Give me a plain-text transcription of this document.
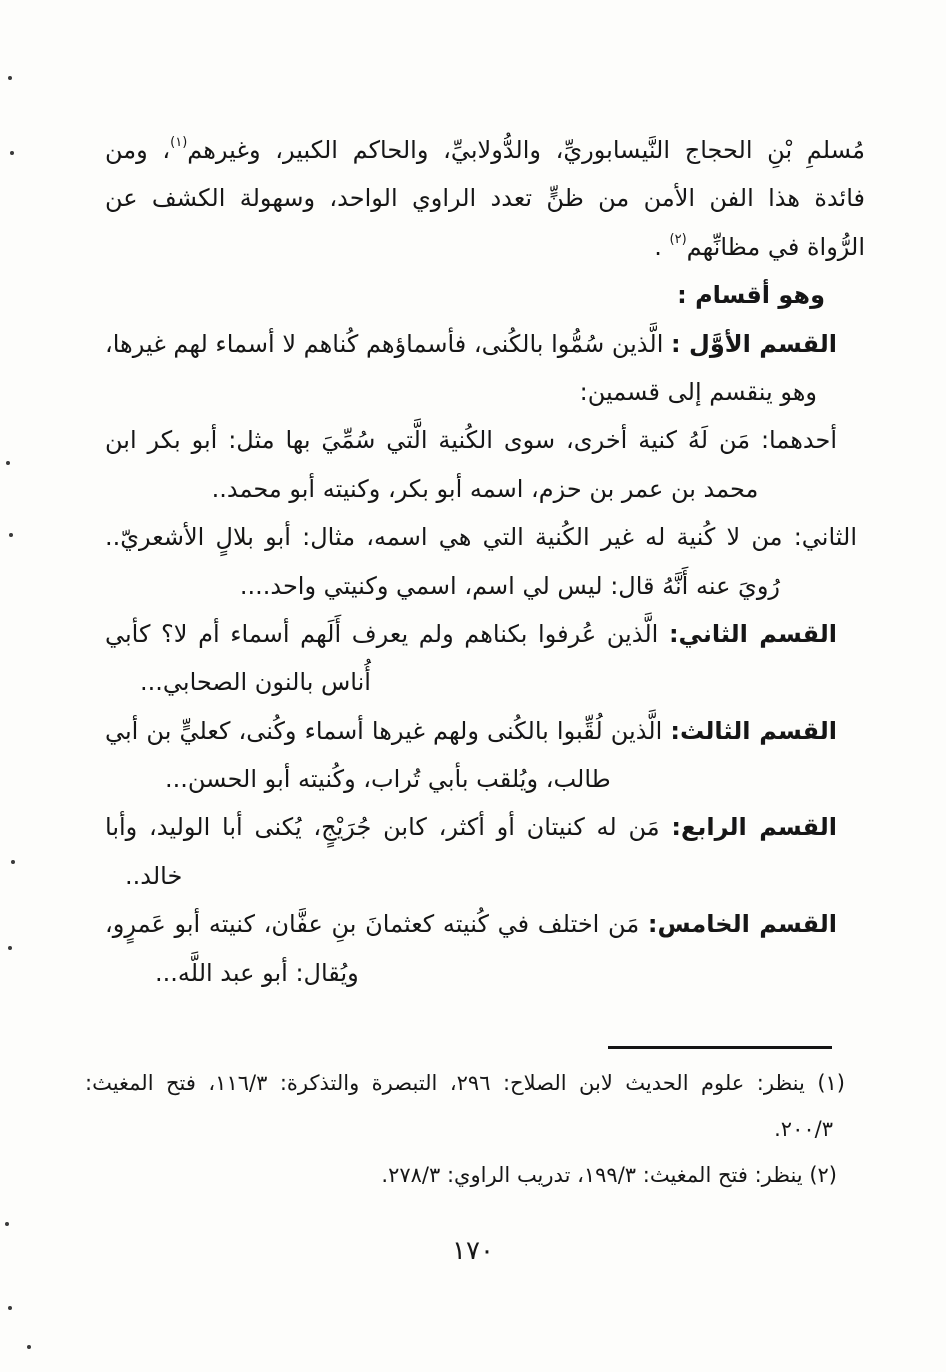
مُسلمِ بْنِ الحجاج النَّيسابوريِّ، والدُّولابيِّ، والحاكم الكبير، وغيرهم$^{(١)}$، ومن
فائدة هذا الفن الأمن من ظنٍّ تعدد الراوي الواحد، وسهولة الكشف عن
الرُّواة في مظانِّهم$^{(٢)}$ .
وهو أقسام :
القسم الأوَّل : الَّذين سُمُّوا بالكُنى، فأسماؤهم كُناهم لا أسماء لهم غيرها،
وهو ينقسم إلى قسمين:
أحدهما: مَن لَهُ كنية أخرى، سوى الكُنية الَّتي سُمِّيَ بها مثل: أبو بكر ابن
محمد بن عمر بن حزم، اسمه أبو بكر، وكنيته أبو محمد..
الثاني: من لا كُنية له غير الكُنية التي هي اسمه، مثال: أبو بلالٍ الأشعريّ..
رُويَ عنه أَنَّهُ قال: ليس لي اسم، اسمي وكنيتي واحد....
القسم الثاني: الَّذين عُرفوا بكناهم ولم يعرف أَلَهم أسماء أم لا؟ كأبي
أُناس بالنون الصحابي...
القسم الثالث: الَّذين لُقِّبوا بالكُنى ولهم غيرها أسماء وكُنى، كعليٍّ بن أبي
طالب، ويُلقب بأبي تُراب، وكُنيته أبو الحسن...
القسم الرابع: مَن له كنيتان أو أكثر، كابن جُرَيْجٍ، يُكنى أبا الوليد، وأبا
خالد..
القسم الخامس: مَن اختلف في كُنيته كعثمانَ بنِ عفَّان، كنيته أبو عَمرٍو،
ويُقال: أبو عبد اللَّه...
(١) ينظر: علوم الحديث لابن الصلاح: ٢٩٦، التبصرة والتذكرة: ١١٦/٣، فتح المغيث:
٢٠٠/٣.
(٢) ينظر: فتح المغيث: ١٩٩/٣، تدريب الراوي: ٢٧٨/٣.
١٧٠
